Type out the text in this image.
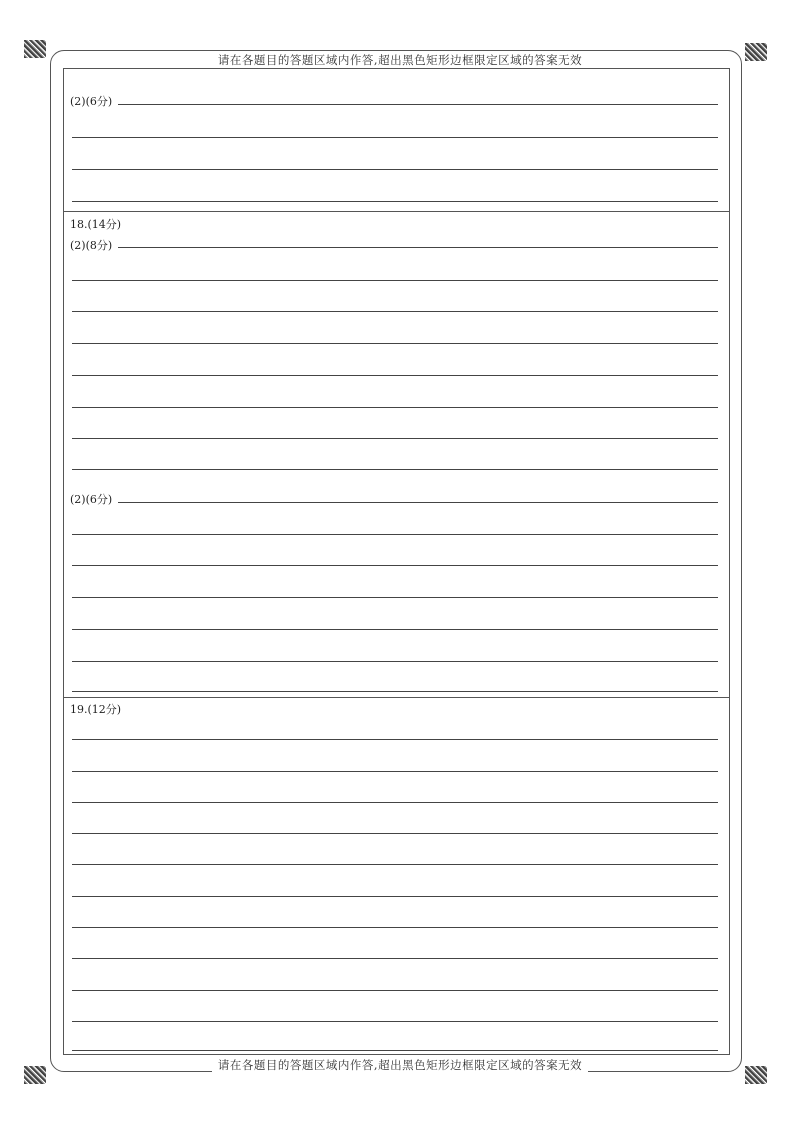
请在各题目的答题区域内作答,超出黑色矩形边框限定区域的答案无效
(2)(6分)
18.(14分)
(2)(8分)
(2)(6分)
19.(12分)
请在各题目的答题区域内作答,超出黑色矩形边框限定区域的答案无效
